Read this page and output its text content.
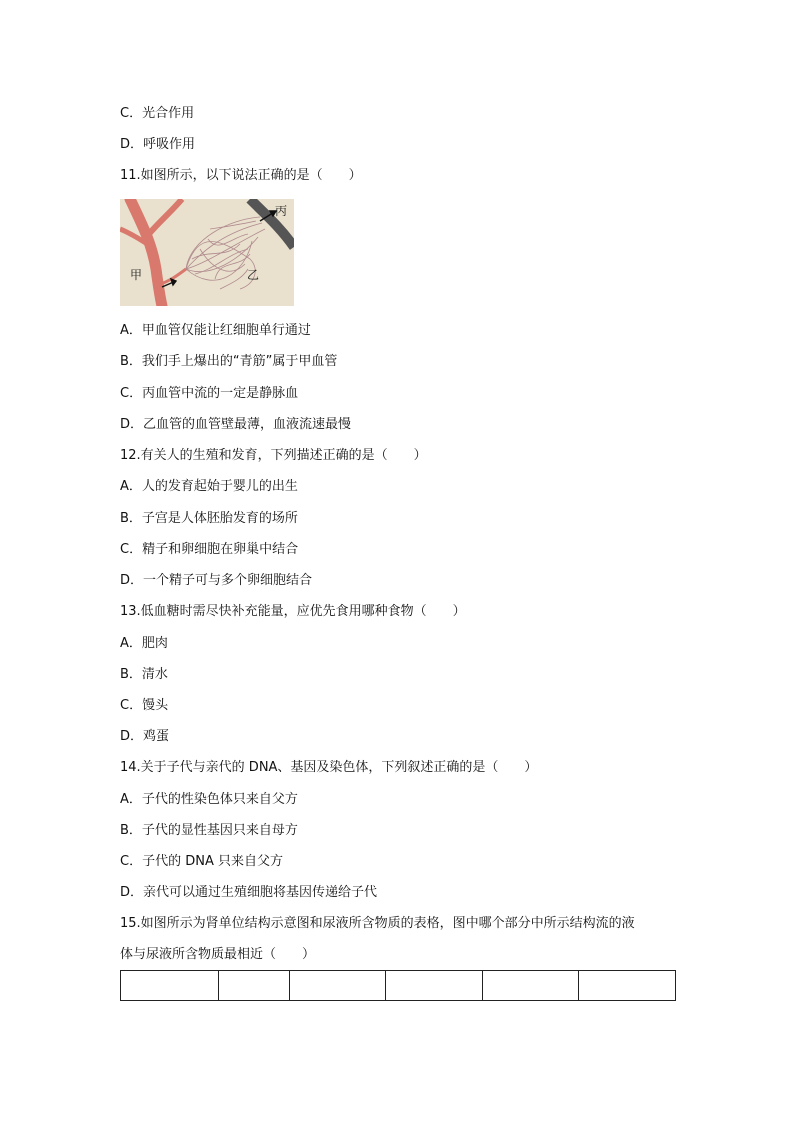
C．光合作用
D．呼吸作用
11.如图所示，以下说法正确的是（　　）
甲	乙
丙
A．甲血管仅能让红细胞单行通过
B．我们手上爆出的“青筋”属于甲血管
C．丙血管中流的一定是静脉血
D．乙血管的血管壁最薄，血液流速最慢
12.有关人的生殖和发育，下列描述正确的是（　　）
A．人的发育起始于婴儿的出生
B．子宫是人体胚胎发育的场所
C．精子和卵细胞在卵巢中结合
D．一个精子可与多个卵细胞结合
13.低血糖时需尽快补充能量，应优先食用哪种食物（　　）
A．肥肉
B．清水
C．馒头
D．鸡蛋
14.关于子代与亲代的 DNA、基因及染色体，下列叙述正确的是（　　）
A．子代的性染色体只来自父方
B．子代的显性基因只来自母方
C．子代的 DNA 只来自父方
D．亲代可以通过生殖细胞将基因传递给子代
15.如图所示为肾单位结构示意图和尿液所含物质的表格，图中哪个部分中所示结构流的液
体与尿液所含物质最相近（　　）
